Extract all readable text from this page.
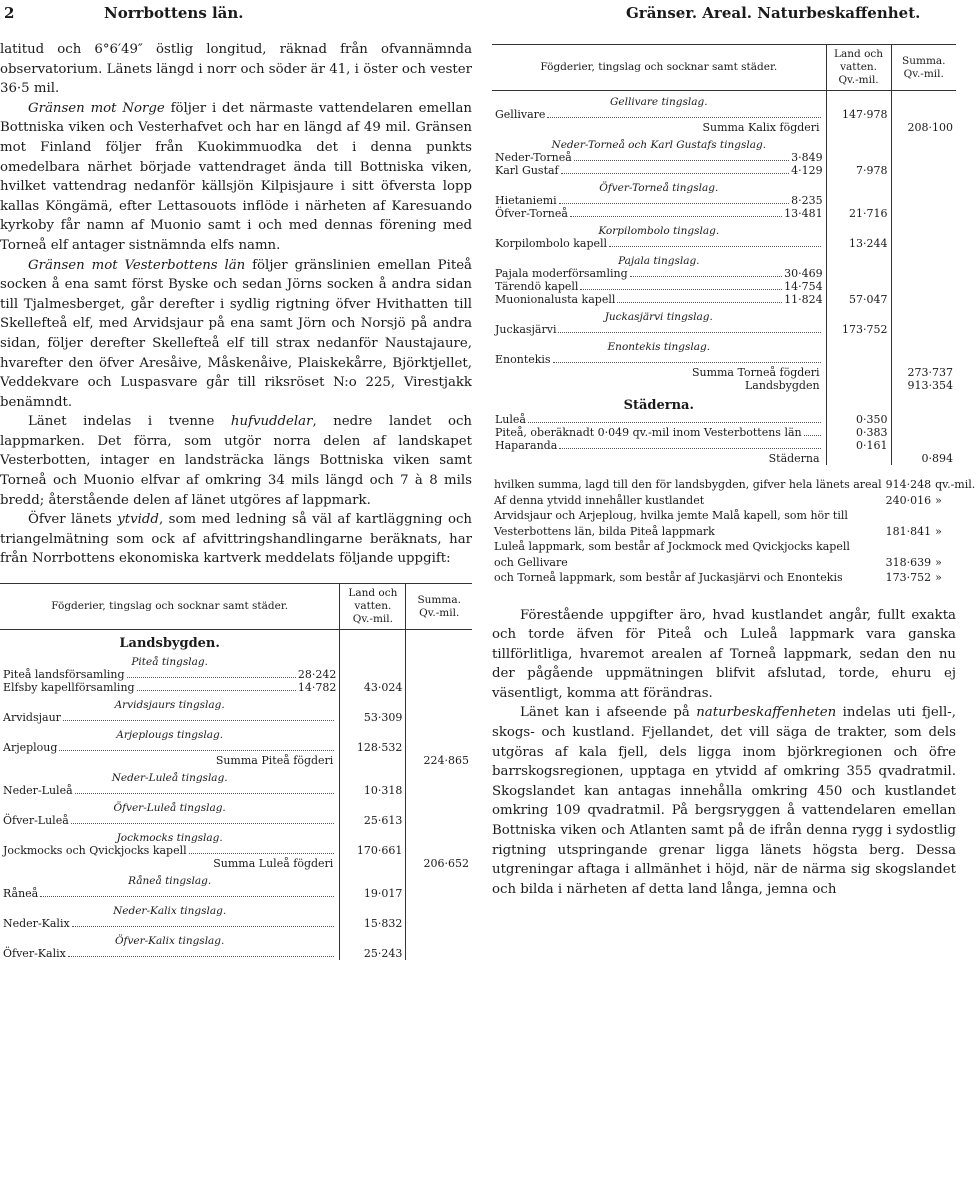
2	Norrbottens län.	Gränser. Areal. Naturbeskaffenhet.

latitud och 6°6′49″ östlig longitud, räknad från ofvannämnda observatorium. Länets längd i norr och söder är 41, i öster och vester 36·5 mil.

Gränsen mot Norge följer i det närmaste vattendelaren emellan Bottniska viken och Vesterhafvet och har en längd af 49 mil. Gränsen mot Finland följer från Kuokimmuodka det i denna punkts omedelbara närhet började vattendraget ända till Bottniska viken, hvilket vattendrag nedanför källsjön Kilpisjaure i sitt öfversta lopp kallas Köngämä, efter Lettasouots inflöde i närheten af Karesuando kyrkoby får namn af Muonio samt i och med dennas förening med Torneå elf antager sistnämnda elfs namn.

Gränsen mot Vesterbottens län följer gränslinien emellan Piteå socken å ena samt först Byske och sedan Jörns socken å andra sidan till Tjalmesberget, går derefter i sydlig rigtning öfver Hvithatten till Skellefteå elf, med Arvidsjaur på ena samt Jörn och Norsjö på andra sidan, följer derefter Skellefteå elf till strax nedanför Naustajaure, hvarefter den öfver Aresåive, Måskenåive, Plaiskekårre, Björktjellet, Veddekvare och Luspasvare går till riksröset N:o 225, Virestjakk benämndt.

Länet indelas i tvenne hufvuddelar, nedre landet och lappmarken. Det förra, som utgör norra delen af landskapet Vesterbotten, intager en landsträcka längs Bottniska viken samt Torneå och Muonio elfvar af omkring 34 mils längd och 7 à 8 mils bredd; återstående delen af länet utgöres af lappmark.

Öfver länets ytvidd, som med ledning så väl af kartläggning och triangelmätning som ock af afvittringshandlingarne beräknats, har från Norrbottens ekonomiska kartverk meddelats följande uppgift:

Fögderier, tingslag och socknar samt städer.	Land och
vatten.
Qv.-mil.	Summa.
Qv.-mil.
Landsbygden.		
Piteå tingslag.		

Piteå landsförsamling 28·242		

Elfsby kapellförsamling 14·782	43·024	
Arvidsjaurs tingslag.		

Arvidsjaur	53·309	
Arjeplougs tingslag.		

Arjeploug	128·532	
Summa Piteå fögderi		224·865
Neder-Luleå tingslag.		

Neder-Luleå	10·318	
Öfver-Luleå tingslag.		

Öfver-Luleå	25·613	
Jockmocks tingslag.		

Jockmocks och Qvickjocks kapell	170·661	
Summa Luleå fögderi		206·652
Råneå tingslag.		

Råneå	19·017	
Neder-Kalix tingslag.		

Neder-Kalix	15·832	
Öfver-Kalix tingslag.		

Öfver-Kalix	25·243	
Fögderier, tingslag och socknar samt städer.	Land och
vatten.
Qv.-mil.	Summa.
Qv.-mil.
Gellivare tingslag.		

Gellivare	147·978	
Summa Kalix fögderi		208·100
Neder-Torneå och Karl Gustafs tingslag.		

Neder-Torneå 3·849		

Karl Gustaf 4·129	7·978	
Öfver-Torneå tingslag.		

Hietaniemi 8·235		

Öfver-Torneå 13·481	21·716	
Korpilombolo tingslag.		

Korpilombolo kapell	13·244	
Pajala tingslag.		

Pajala moderförsamling 30·469		

Tärendö kapell 14·754		

Muonionalusta kapell 11·824	57·047	
Juckasjärvi tingslag.		

Juckasjärvi	173·752	
Enontekis tingslag.		

Enontekis		

Summa Torneå fögderi		273·737
Landsbygden		913·354
Städerna.		

Luleå	0·350	

Piteå, oberäknadt 0·049 qv.-mil inom Vesterbottens län	0·383	

Haparanda	0·161	
Städerna		0·894
hvilken summa, lagd till den för landsbygden, gifver hela länets areal	914·248	qv.-mil.
Af denna ytvidd innehåller kustlandet	240·016	»
Arvidsjaur och Arjeploug, hvilka jemte Malå kapell, som hör till		
Vesterbottens län, bilda Piteå lappmark	181·841	»
Luleå lappmark, som består af Jockmock med Qvickjocks kapell		
och Gellivare	318·639	»
och Torneå lappmark, som består af Juckasjärvi och Enontekis	173·752	»

Förestående uppgifter äro, hvad kustlandet angår, fullt exakta och torde äfven för Piteå och Luleå lappmark vara ganska tillförlitliga, hvaremot arealen af Torneå lappmark, sedan den nu der pågående uppmätningen blifvit afslutad, torde, ehuru ej väsentligt, komma att förändras.

Länet kan i afseende på naturbeskaffenheten indelas uti fjell-, skogs- och kustland. Fjellandet, det vill säga de trakter, som dels utgöras af kala fjell, dels ligga inom björkregionen och öfre barrskogsregionen, upptaga en ytvidd af omkring 355 qvadratmil. Skogslandet kan antagas innehålla omkring 450 och kustlandet omkring 109 qvadratmil. På bergsryggen å vattendelaren emellan Bottniska viken och Atlanten samt på de ifrån denna rygg i sydostlig rigtning utspringande grenar ligga länets högsta berg. Dessa utgreningar aftaga i allmänhet i höjd, när de närma sig skogslandet och bilda i närheten af detta land långa, jemna och
